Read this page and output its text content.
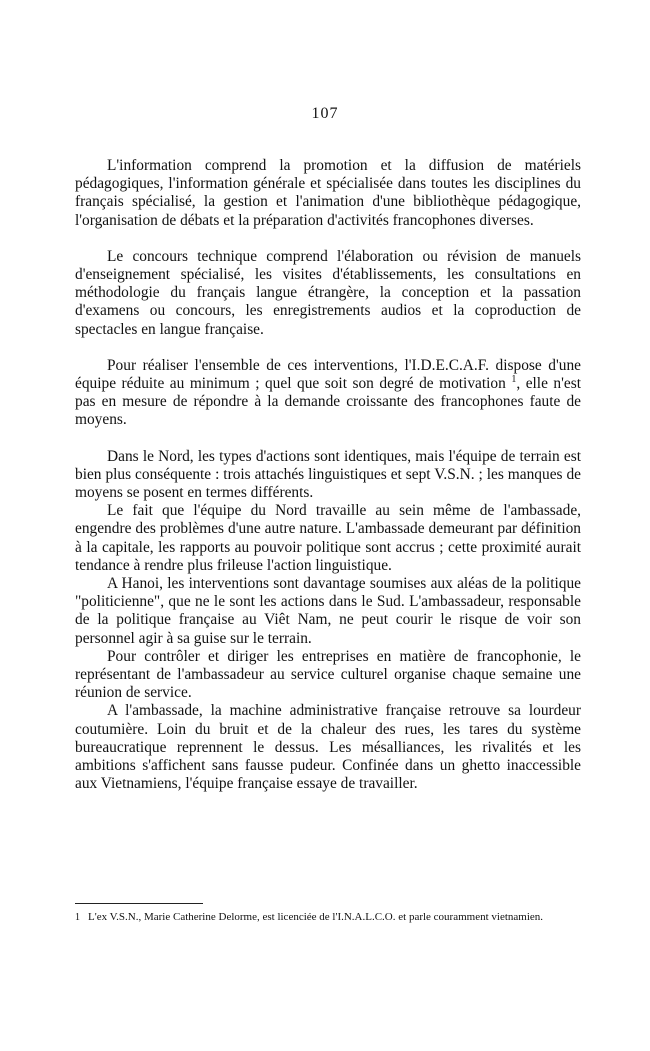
107

L'information comprend la promotion et la diffusion de matériels pédagogiques, l'information générale et spécialisée dans toutes les disciplines du français spécialisé, la gestion et l'animation d'une bibliothèque pédagogique, l'organisation de débats et la préparation d'activités francophones diverses.

Le concours technique comprend l'élaboration ou révision de manuels d'enseignement spécialisé, les visites d'établissements, les consultations en méthodologie du français langue étrangère, la conception et la passation d'examens ou concours, les enregistrements audios et la coproduction de spectacles en langue française.

Pour réaliser l'ensemble de ces interventions, l'I.D.E.C.A.F. dispose d'une équipe réduite au minimum ; quel que soit son degré de motivation $^1$, elle n'est pas en mesure de répondre à la demande croissante des francophones faute de moyens.

Dans le Nord, les types d'actions sont identiques, mais l'équipe de terrain est bien plus conséquente : trois attachés linguistiques et sept V.S.N. ; les manques de moyens se posent en termes différents.

Le fait que l'équipe du Nord travaille au sein même de l'ambassade, engendre des problèmes d'une autre nature. L'ambassade demeurant par définition à la capitale, les rapports au pouvoir politique sont accrus ; cette proximité aurait tendance à rendre plus frileuse l'action linguistique.

A Hanoi, les interventions sont davantage soumises aux aléas de la politique "politicienne", que ne le sont les actions dans le Sud. L'ambassadeur, responsable de la politique française au Viêt Nam, ne peut courir le risque de voir son personnel agir à sa guise sur le terrain.

Pour contrôler et diriger les entreprises en matière de francophonie, le représentant de l'ambassadeur au service culturel organise chaque semaine une réunion de service.

A l'ambassade, la machine administrative française retrouve sa lourdeur coutumière. Loin du bruit et de la chaleur des rues, les tares du système bureaucratique reprennent le dessus. Les mésalliances, les rivalités et les ambitions s'affichent sans fausse pudeur. Confinée dans un ghetto inaccessible aux Vietnamiens, l'équipe française essaye de travailler.

1 L'ex V.S.N., Marie Catherine Delorme, est licenciée de l'I.N.A.L.C.O. et parle couramment vietnamien.
